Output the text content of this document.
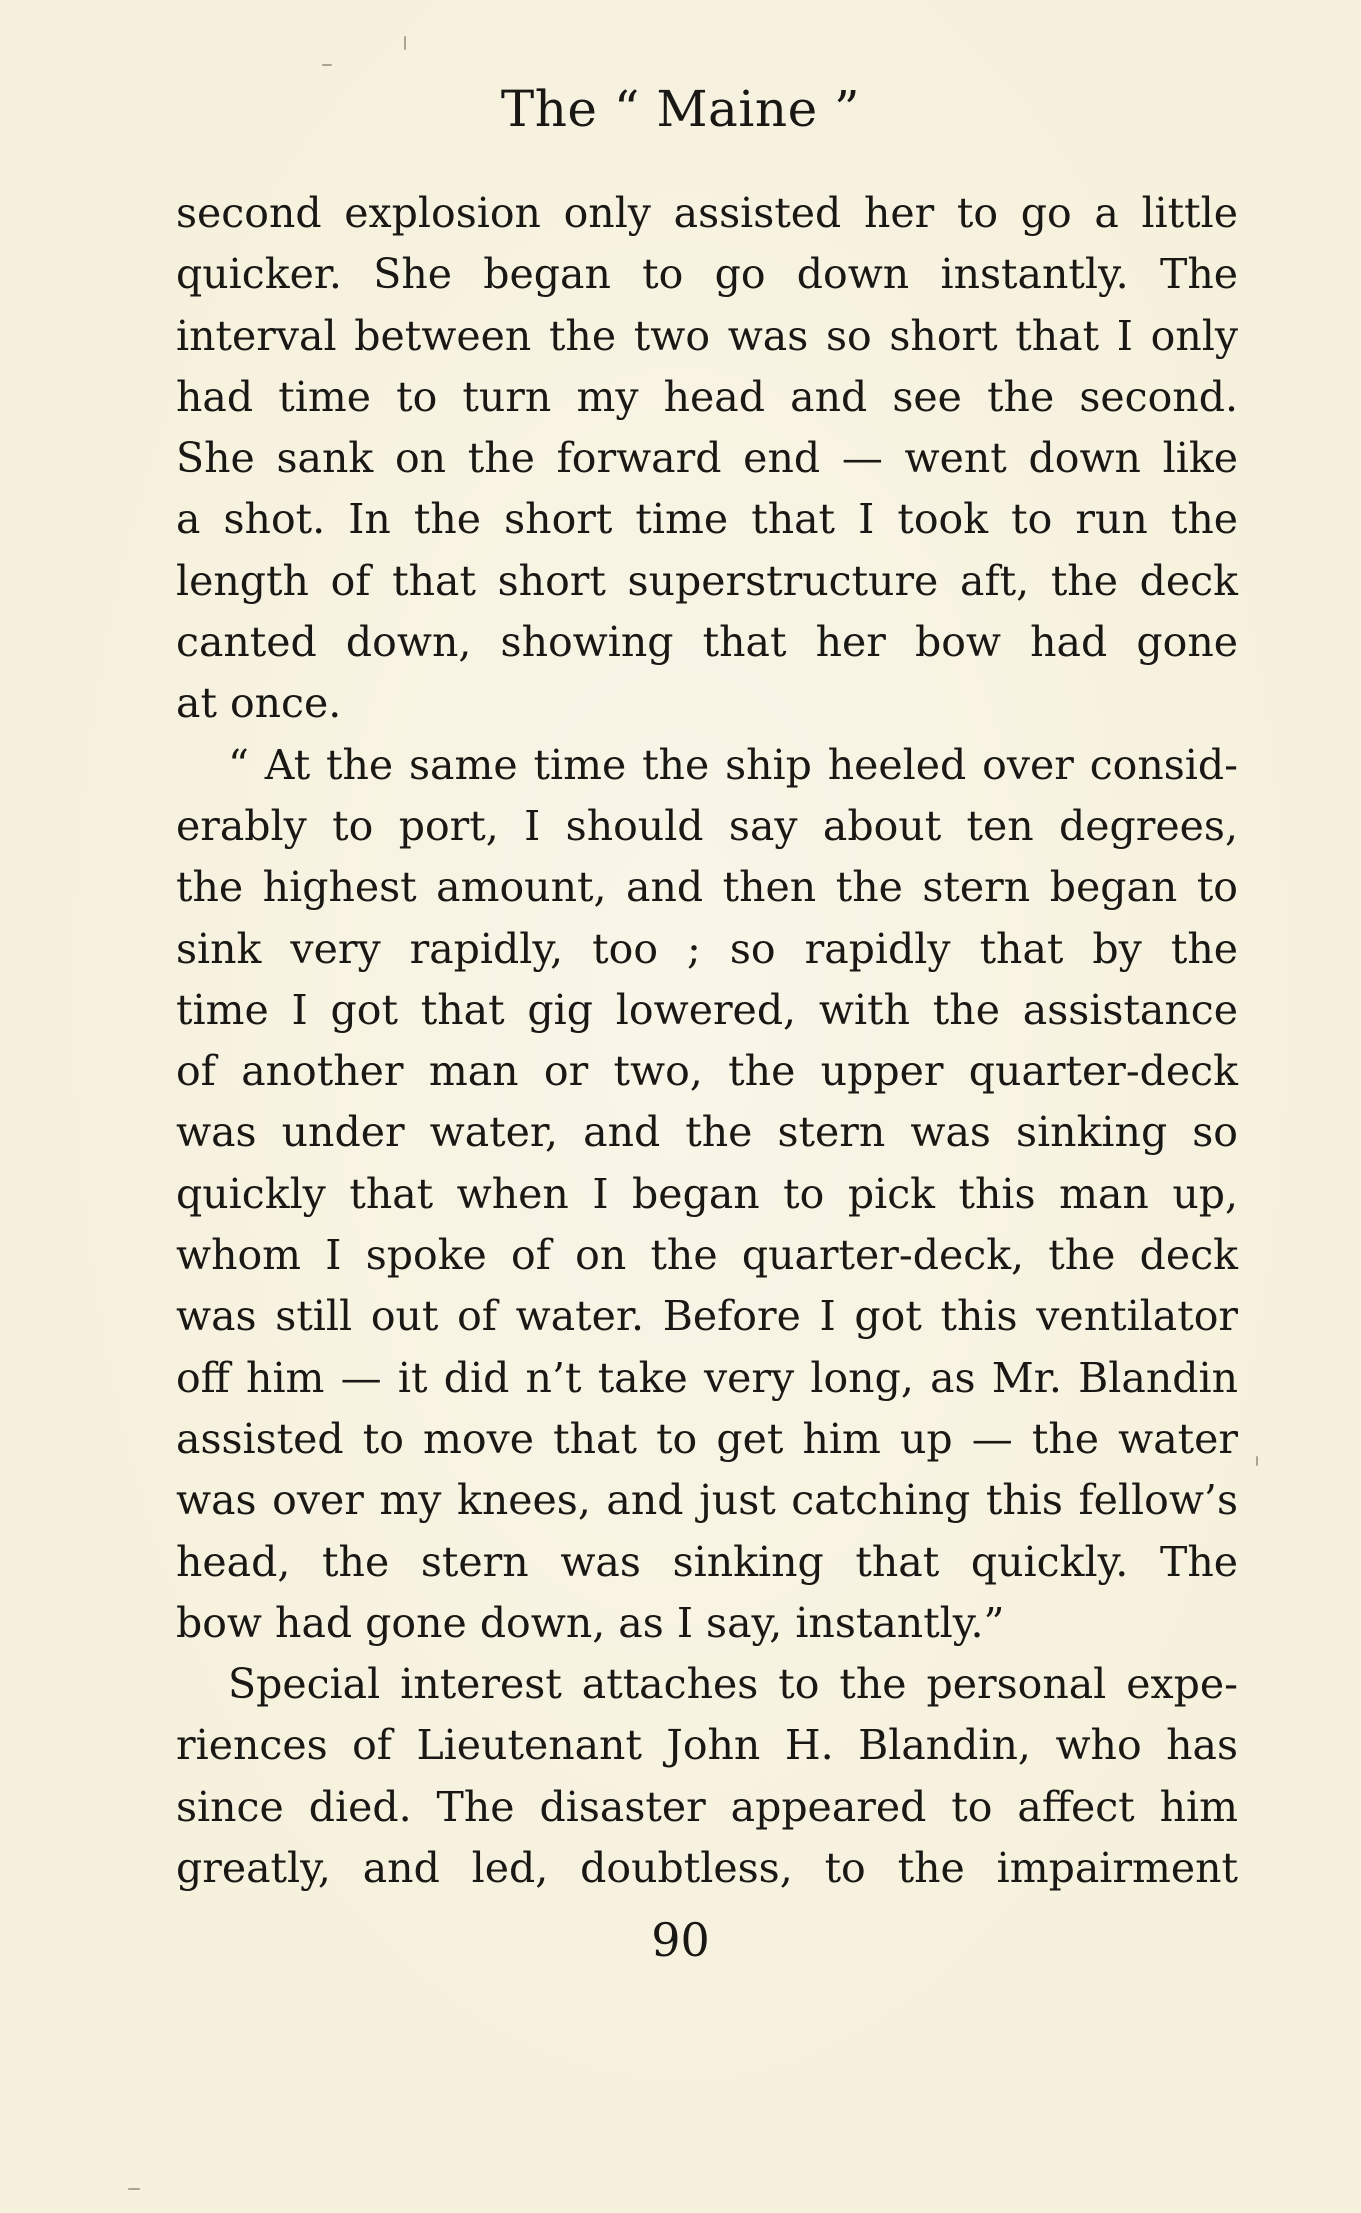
The “ Maine ”
second explosion only assisted her to go a little
quicker. She began to go down instantly. The
interval between the two was so short that I only
had time to turn my head and see the second.
She sank on the forward end — went down like
a shot. In the short time that I took to run the
length of that short superstructure aft, the deck
canted down, showing that her bow had gone
at once.
“ At the same time the ship heeled over consid-
erably to port, I should say about ten degrees,
the highest amount, and then the stern began to
sink very rapidly, too ; so rapidly that by the
time I got that gig lowered, with the assistance
of another man or two, the upper quarter-deck
was under water, and the stern was sinking so
quickly that when I began to pick this man up,
whom I spoke of on the quarter-deck, the deck
was still out of water. Before I got this ventilator
off him — it did n’t take very long, as Mr. Blandin
assisted to move that to get him up — the water
was over my knees, and just catching this fellow’s
head, the stern was sinking that quickly. The
bow had gone down, as I say, instantly.”
Special interest attaches to the personal expe-
riences of Lieutenant John H. Blandin, who has
since died. The disaster appeared to affect him
greatly, and led, doubtless, to the impairment
90
